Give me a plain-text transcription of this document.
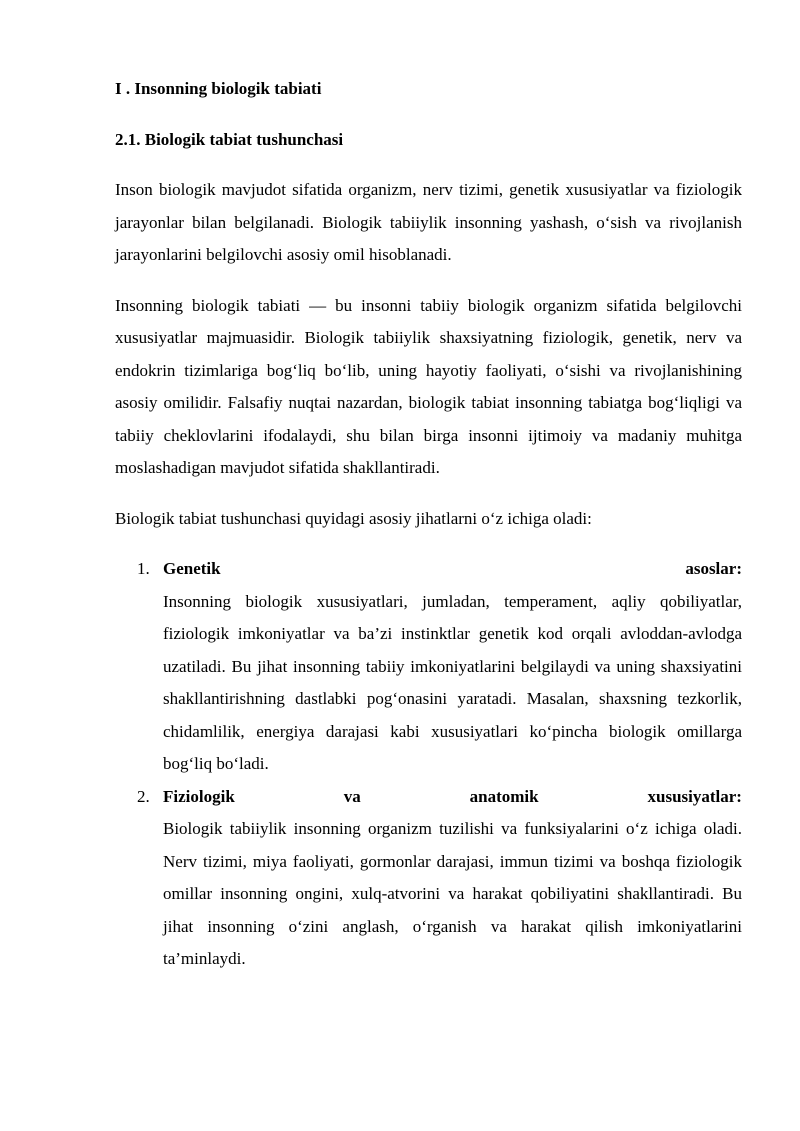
I . Insonning biologik tabiati
2.1. Biologik tabiat tushunchasi

Inson biologik mavjudot sifatida organizm, nerv tizimi, genetik xususiyatlar va fiziologik jarayonlar bilan belgilanadi. Biologik tabiiylik insonning yashash, o‘sish va rivojlanish jarayonlarini belgilovchi asosiy omil hisoblanadi.

Insonning biologik tabiati — bu insonni tabiiy biologik organizm sifatida belgilovchi xususiyatlar majmuasidir. Biologik tabiiylik shaxsiyatning fiziologik, genetik, nerv va endokrin tizimlariga bog‘liq bo‘lib, uning hayotiy faoliyati, o‘sishi va rivojlanishining asosiy omilidir. Falsafiy nuqtai nazardan, biologik tabiat insonning tabiatga bog‘liqligi va tabiiy cheklovlarini ifodalaydi, shu bilan birga insonni ijtimoiy va madaniy muhitga moslashadigan mavjudot sifatida shakllantiradi.

Biologik tabiat tushunchasi quyidagi asosiy jihatlarni o‘z ichiga oladi:

1. Genetik	asoslar:
Insonning biologik xususiyatlari, jumladan, temperament, aqliy qobiliyatlar, fiziologik imkoniyatlar va ba’zi instinktlar genetik kod orqali avloddan-avlodga uzatiladi. Bu jihat insonning tabiiy imkoniyatlarini belgilaydi va uning shaxsiyatini shakllantirishning dastlabki pog‘onasini yaratadi. Masalan, shaxsning tezkorlik, chidamlilik, energiya darajasi kabi xususiyatlari ko‘pincha biologik omillarga bog‘liq bo‘ladi.
2. Fiziologik	va	anatomik	xususiyatlar:
Biologik tabiiylik insonning organizm tuzilishi va funksiyalarini o‘z ichiga oladi. Nerv tizimi, miya faoliyati, gormonlar darajasi, immun tizimi va boshqa fiziologik omillar insonning ongini, xulq-atvorini va harakat qobiliyatini shakllantiradi. Bu jihat insonning o‘zini anglash, o‘rganish va harakat qilish imkoniyatlarini ta’minlaydi.
